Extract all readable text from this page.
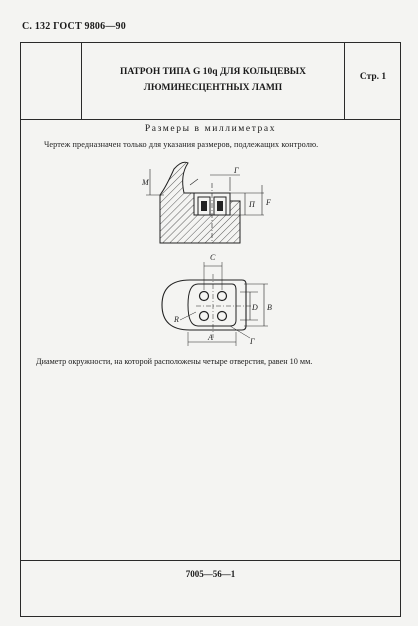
С. 132 ГОСТ 9806—90
ПАТРОН ТИПА G 10q ДЛЯ КОЛЬЦЕВЫХ
ЛЮМИНЕСЦЕНТНЫХ ЛАМП
Стр. 1
Размеры в миллиметрах
Чертеж предназначен только для указания размеров, подлежащих контролю.
М
Г
П F
С
D В
R
А	Г
Диаметр окружности, на которой расположены четыре отверстия, равен 10 мм.
7005—56—1
